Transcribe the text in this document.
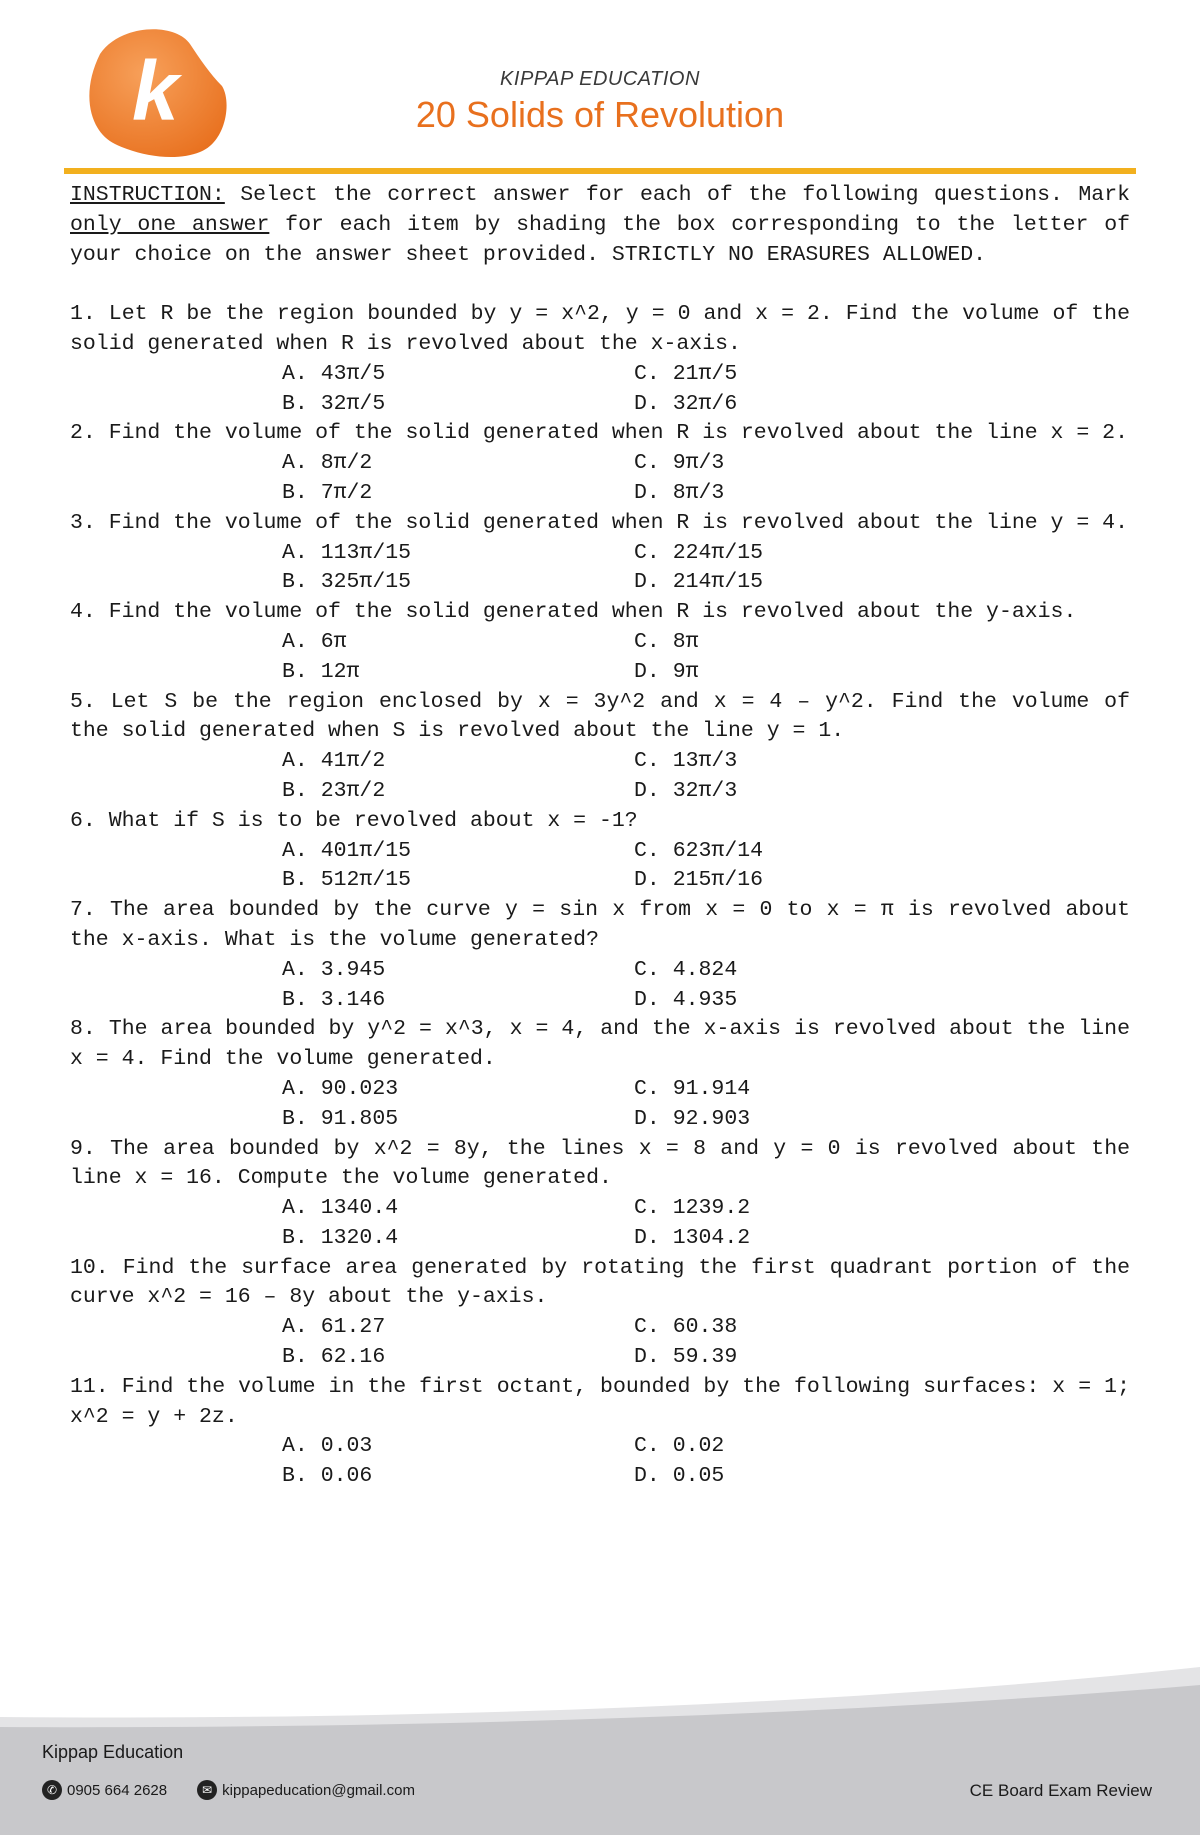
k	KIPPAP EDUCATION
20 Solids of Revolution

INSTRUCTION: Select the correct answer for each of the following questions. Mark only one answer for each item by shading the box corresponding to the letter of your choice on the answer sheet provided. STRICTLY NO ERASURES ALLOWED.

1. Let R be the region bounded by y = x^2, y = 0 and x = 2. Find the volume of the solid generated when R is revolved about the x-axis.

A. 43π/5	C. 21π/5
B. 32π/5	D. 32π/6

2. Find the volume of the solid generated when R is revolved about the line x = 2.

A. 8π/2	C. 9π/3
B. 7π/2	D. 8π/3

3. Find the volume of the solid generated when R is revolved about the line y = 4.

A. 113π/15	C. 224π/15
B. 325π/15	D. 214π/15

4. Find the volume of the solid generated when R is revolved about the y-axis.

A. 6π	C. 8π
B. 12π	D. 9π

5. Let S be the region enclosed by x = 3y^2 and x = 4 – y^2. Find the volume of the solid generated when S is revolved about the line y = 1.

A. 41π/2	C. 13π/3
B. 23π/2	D. 32π/3

6. What if S is to be revolved about x = -1?

A. 401π/15	C. 623π/14
B. 512π/15	D. 215π/16

7. The area bounded by the curve y = sin x from x = 0 to x = π is revolved about the x-axis. What is the volume generated?

A. 3.945	C. 4.824
B. 3.146	D. 4.935

8. The area bounded by y^2 = x^3, x = 4, and the x-axis is revolved about the line x = 4. Find the volume generated.

A. 90.023	C. 91.914
B. 91.805	D. 92.903

9. The area bounded by x^2 = 8y, the lines x = 8 and y = 0 is revolved about the line x = 16. Compute the volume generated.

A. 1340.4	C. 1239.2
B. 1320.4	D. 1304.2

10. Find the surface area generated by rotating the first quadrant portion of the curve x^2 = 16 – 8y about the y-axis.

A. 61.27	C. 60.38
B. 62.16	D. 59.39

11. Find the volume in the first octant, bounded by the following surfaces: x = 1; x^2 = y + 2z.

A. 0.03	C. 0.02
B. 0.06	D. 0.05
Kippap Education
✆ 0905 664 2628	✉ kippapeducation@gmail.com	CE Board Exam Review
